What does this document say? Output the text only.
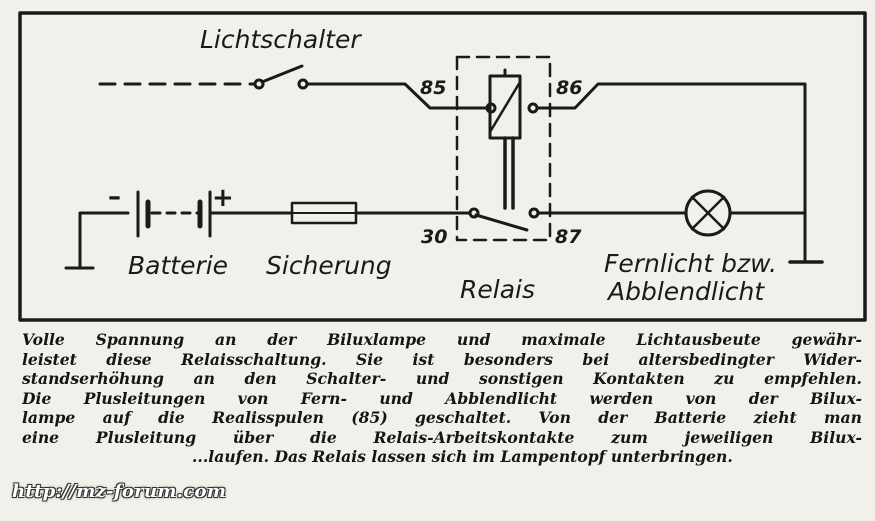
Lichtschalter
85	86
–	+
30	87
Batterie Sicherung
Relais
Fernlicht bzw.
Abblendlicht
Volle Spannung an der Biluxlampe und maximale Lichtausbeute gewähr-
leistet diese Relaisschaltung. Sie ist besonders bei altersbedingter Wider-
standserhöhung an den Schalter- und sonstigen Kontakten zu empfehlen.
Die Plusleitungen von Fern- und Abblendlicht werden von der Bilux-
lampe auf die Realisspulen (85) geschaltet. Von der Batterie zieht man
eine Plusleitung über die Relais-Arbeitskontakte zum jeweiligen Bilux-
...laufen. Das Relais lassen sich im Lampentopf unterbringen.
http://mz-forum.com
